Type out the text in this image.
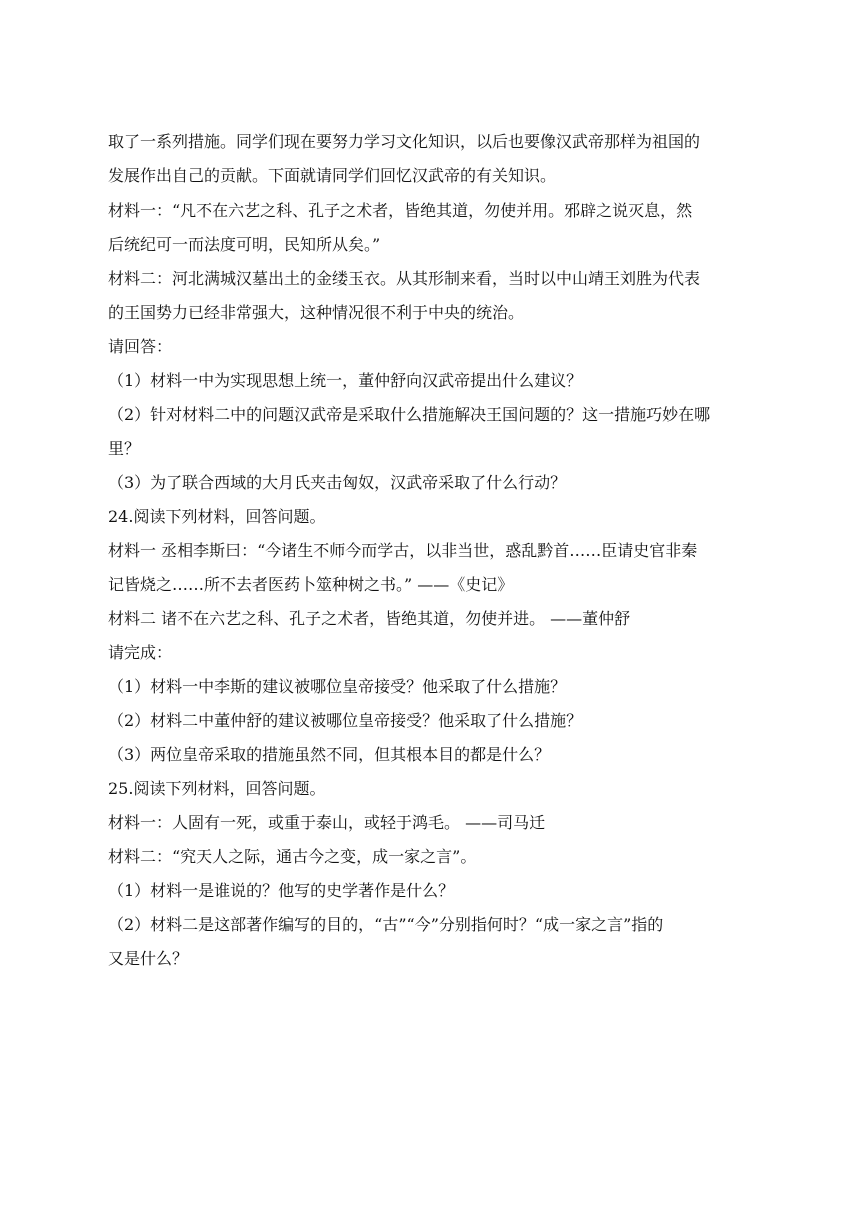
取了一系列措施。同学们现在要努力学习文化知识，以后也要像汉武帝那样为祖国的
发展作出自己的贡献。下面就请同学们回忆汉武帝的有关知识。
材料一：“凡不在六艺之科、孔子之术者，皆绝其道，勿使并用。邪辟之说灭息，然
后统纪可一而法度可明，民知所从矣。”
材料二：河北满城汉墓出土的金缕玉衣。从其形制来看，当时以中山靖王刘胜为代表
的王国势力已经非常强大，这种情况很不利于中央的统治。
请回答：
（1）材料一中为实现思想上统一，董仲舒向汉武帝提出什么建议？
（2）针对材料二中的问题汉武帝是采取什么措施解决王国问题的？这一措施巧妙在哪
里？
（3）为了联合西域的大月氏夹击匈奴，汉武帝采取了什么行动？
24.阅读下列材料，回答问题。
材料一 丞相李斯曰：“今诸生不师今而学古，以非当世，惑乱黔首……臣请史官非秦
记皆烧之……所不去者医药卜筮种树之书。” ——《史记》
材料二 诸不在六艺之科、孔子之术者，皆绝其道，勿使并进。 ——董仲舒
请完成：
（1）材料一中李斯的建议被哪位皇帝接受？他采取了什么措施？
（2）材料二中董仲舒的建议被哪位皇帝接受？他采取了什么措施？
（3）两位皇帝采取的措施虽然不同，但其根本目的都是什么？
25.阅读下列材料，回答问题。
材料一：人固有一死，或重于泰山，或轻于鸿毛。 ——司马迁
材料二：“究天人之际，通古今之变，成一家之言”。
（1）材料一是谁说的？他写的史学著作是什么？
（2）材料二是这部著作编写的目的，“古”“今”分别指何时？“成一家之言”指的
又是什么？
